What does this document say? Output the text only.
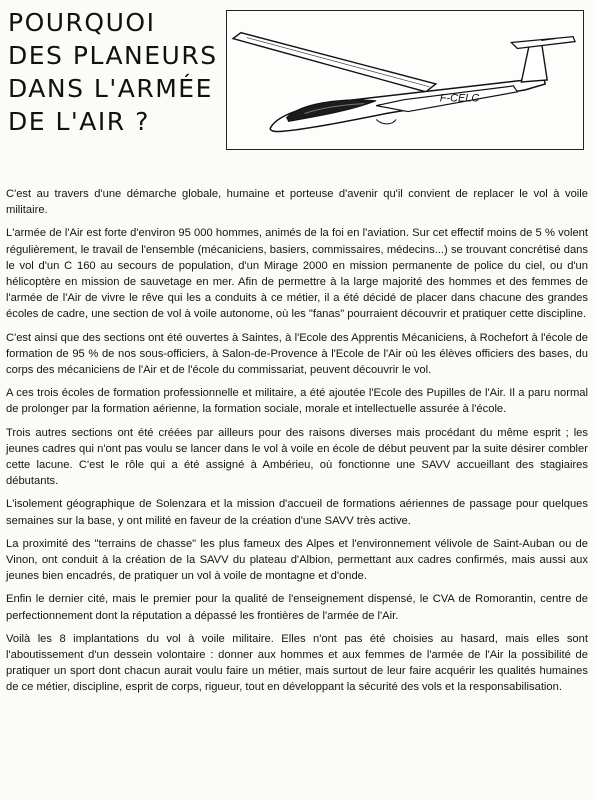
POURQUOI
DES PLANEURS
DANS L'ARMÉE
DE L'AIR ?
F-CELC

C'est au travers d'une démarche globale, humaine et porteuse d'avenir qu'il convient de replacer le vol à voile militaire.

L'armée de l'Air est forte d'environ 95 000 hommes, animés de la foi en l'aviation. Sur cet effectif moins de 5 % volent régulièrement, le travail de l'ensemble (mécaniciens, basiers, commissaires, médecins...) se trouvant concrétisé dans le vol d'un C 160 au secours de population, d'un Mirage 2000 en mission permanente de police du ciel, ou d'un hélicoptère en mission de sauvetage en mer. Afin de permettre à la large majorité des hommes et des femmes de l'armée de l'Air de vivre le rêve qui les a conduits à ce métier, il a été décidé de placer dans chacune des grandes écoles de cadre, une section de vol à voile autonome, où les "fanas" pourraient découvrir et pratiquer cette discipline.

C'est ainsi que des sections ont été ouvertes à Saintes, à l'Ecole des Apprentis Mécaniciens, à Rochefort à l'école de formation de 95 % de nos sous-officiers, à Salon-de-Provence à l'Ecole de l'Air où les élèves officiers des bases, du corps des mécaniciens de l'Air et de l'école du commissariat, peuvent découvrir le vol.

A ces trois écoles de formation professionnelle et militaire, a été ajoutée l'Ecole des Pupilles de l'Air. Il a paru normal de prolonger par la formation aérienne, la formation sociale, morale et intellectuelle assurée à l'école.

Trois autres sections ont été créées par ailleurs pour des raisons diverses mais procédant du même esprit ; les jeunes cadres qui n'ont pas voulu se lancer dans le vol à voile en école de début peuvent par la suite désirer combler cette lacune. C'est le rôle qui a été assigné à Ambérieu, où fonctionne une SAVV accueillant des stagiaires débutants.

L'isolement géographique de Solenzara et la mission d'accueil de formations aériennes de passage pour quelques semaines sur la base, y ont milité en faveur de la création d'une SAVV très active.

La proximité des "terrains de chasse" les plus fameux des Alpes et l'environnement vélivole de Saint-Auban ou de Vinon, ont conduit à la création de la SAVV du plateau d'Albion, permettant aux cadres confirmés, mais aussi aux jeunes bien encadrés, de pratiquer un vol à voile de montagne et d'onde.

Enfin le dernier cité, mais le premier pour la qualité de l'enseignement dispensé, le CVA de Romorantin, centre de perfectionnement dont la réputation a dépassé les frontières de l'armée de l'Air.

Voilà les 8 implantations du vol à voile militaire. Elles n'ont pas été choisies au hasard, mais elles sont l'aboutissement d'un dessein volontaire : donner aux hommes et aux femmes de l'armée de l'Air la possibilité de pratiquer un sport dont chacun aurait voulu faire un métier, mais surtout de leur faire acquérir les qualités humaines de ce métier, discipline, esprit de corps, rigueur, tout en développant la sécurité des vols et la responsabilisation.
